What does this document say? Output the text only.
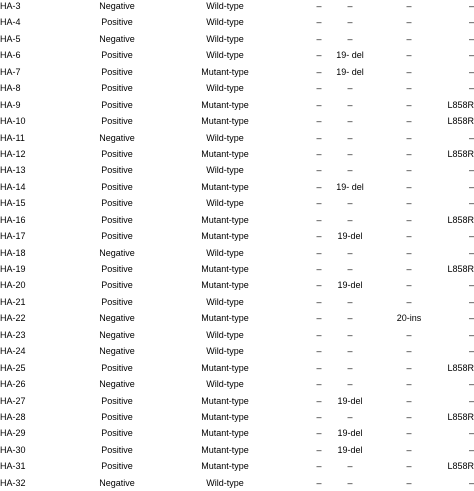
HA-3	Negative	Wild-type	–	–	–	–
HA-4	Positive	Wild-type	–	–	–	–
HA-5	Negative	Wild-type	–	–	–	–
HA-6	Positive	Wild-type	–	19- del	–	–
HA-7	Positive	Mutant-type	–	19- del	–	–
HA-8	Positive	Wild-type	–	–	–	–
HA-9	Positive	Mutant-type	–	–	–	L858R
HA-10	Positive	Mutant-type	–	–	–	L858R
HA-11	Negative	Wild-type	–	–	–	–
HA-12	Positive	Mutant-type	–	–	–	L858R
HA-13	Positive	Wild-type	–	–	–	–
HA-14	Positive	Mutant-type	–	19- del	–	–
HA-15	Positive	Wild-type	–	–	–	–
HA-16	Positive	Mutant-type	–	–	–	L858R
HA-17	Positive	Mutant-type	–	19-del	–	–
HA-18	Negative	Wild-type	–	–	–	–
HA-19	Positive	Mutant-type	–	–	–	L858R
HA-20	Positive	Mutant-type	–	19-del	–	–
HA-21	Positive	Wild-type	–	–	–	–
HA-22	Negative	Mutant-type	–	–	20-ins	–
HA-23	Negative	Wild-type	–	–	–	–
HA-24	Negative	Wild-type	–	–	–	–
HA-25	Positive	Mutant-type	–	–	–	L858R
HA-26	Negative	Wild-type	–	–	–	–
HA-27	Positive	Mutant-type	–	19-del	–	–
HA-28	Positive	Mutant-type	–	–	–	L858R
HA-29	Positive	Mutant-type	–	19-del	–	–
HA-30	Positive	Mutant-type	–	19-del	–	–
HA-31	Positive	Mutant-type	–	–	–	L858R
HA-32	Negative	Wild-type	–	–	–	–
